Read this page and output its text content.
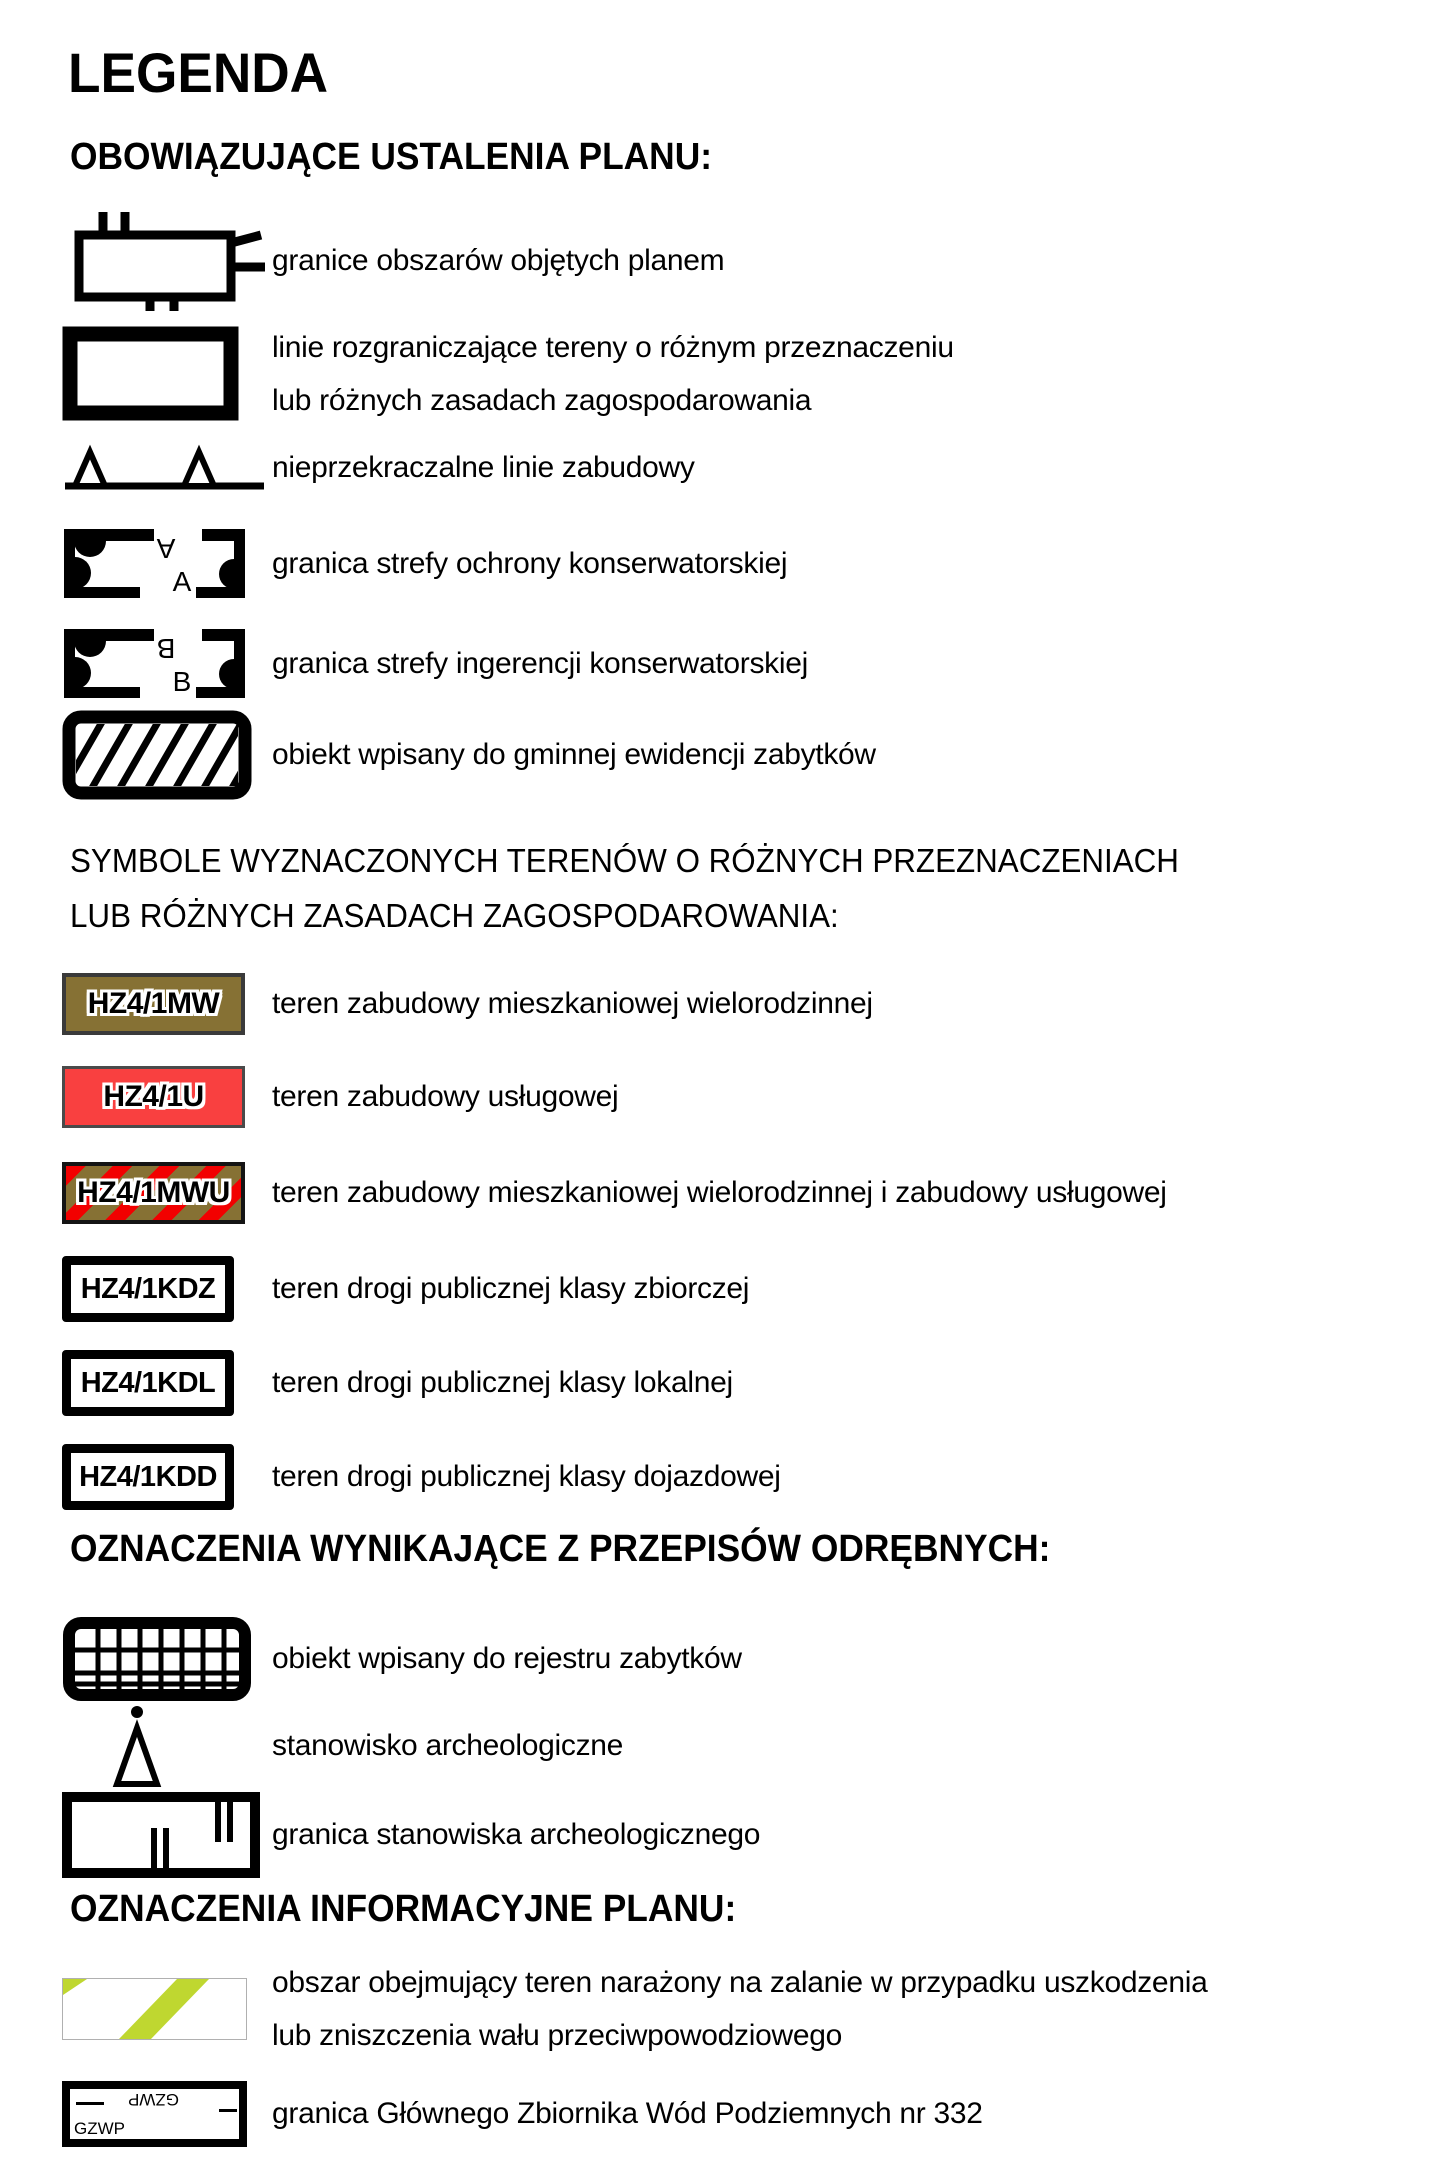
LEGENDA
OBOWIĄZUJĄCE USTALENIA PLANU:
granice obszarów objętych planem
linie rozgraniczające tereny o różnym przeznaczeniu
lub różnych zasadach zagospodarowania
nieprzekraczalne linie zabudowy
A
A
granica strefy ochrony konserwatorskiej
B
B
granica strefy ingerencji konserwatorskiej
obiekt wpisany do gminnej ewidencji zabytków
SYMBOLE WYZNACZONYCH TERENÓW O RÓŻNYCH PRZEZNACZENIACH
LUB RÓŻNYCH ZASADACH ZAGOSPODAROWANIA:
HZ4/1MW teren zabudowy mieszkaniowej wielorodzinnej
HZ4/1U teren zabudowy usługowej
HZ4/1MWU teren zabudowy mieszkaniowej wielorodzinnej i zabudowy usługowej
HZ4/1KDZ teren drogi publicznej klasy zbiorczej
HZ4/1KDL teren drogi publicznej klasy lokalnej
HZ4/1KDD teren drogi publicznej klasy dojazdowej
OZNACZENIA WYNIKAJĄCE Z PRZEPISÓW ODRĘBNYCH:
obiekt wpisany do rejestru zabytków
stanowisko archeologiczne
granica stanowiska archeologicznego
OZNACZENIA INFORMACYJNE PLANU:
obszar obejmujący teren narażony na zalanie w przypadku uszkodzenia
lub zniszczenia wału przeciwpowodziowego
GZWP
GZWP	granica Głównego Zbiornika Wód Podziemnych nr 332
